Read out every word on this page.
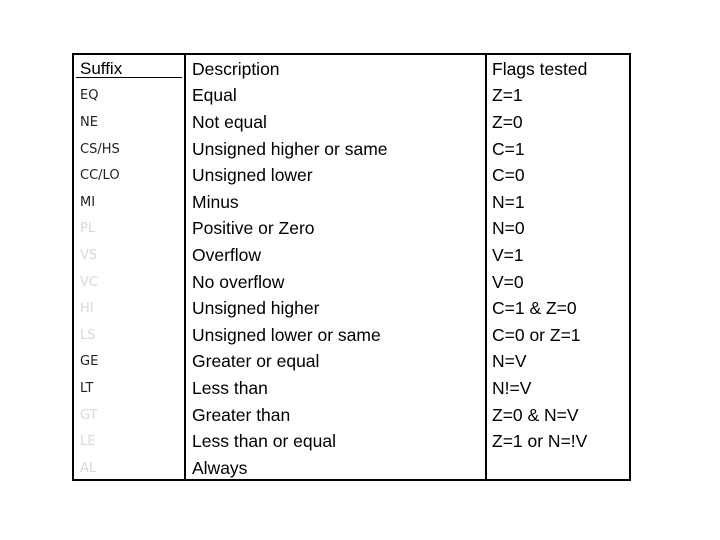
Suffix	Description	Flags tested
EQ	Equal	Z=1
NE	Not equal	Z=0
CS/HS	Unsigned higher or same	C=1
CC/LO	Unsigned lower	C=0
MI	Minus	N=1
PL	Positive or Zero	N=0
VS	Overflow	V=1
VC	No overflow	V=0
HI	Unsigned higher	C=1 & Z=0
LS	Unsigned lower or same	C=0 or Z=1
GE	Greater or equal	N=V
LT	Less than	N!=V
GT	Greater than	Z=0 & N=V
LE	Less than or equal	Z=1 or N=!V
AL	Always
